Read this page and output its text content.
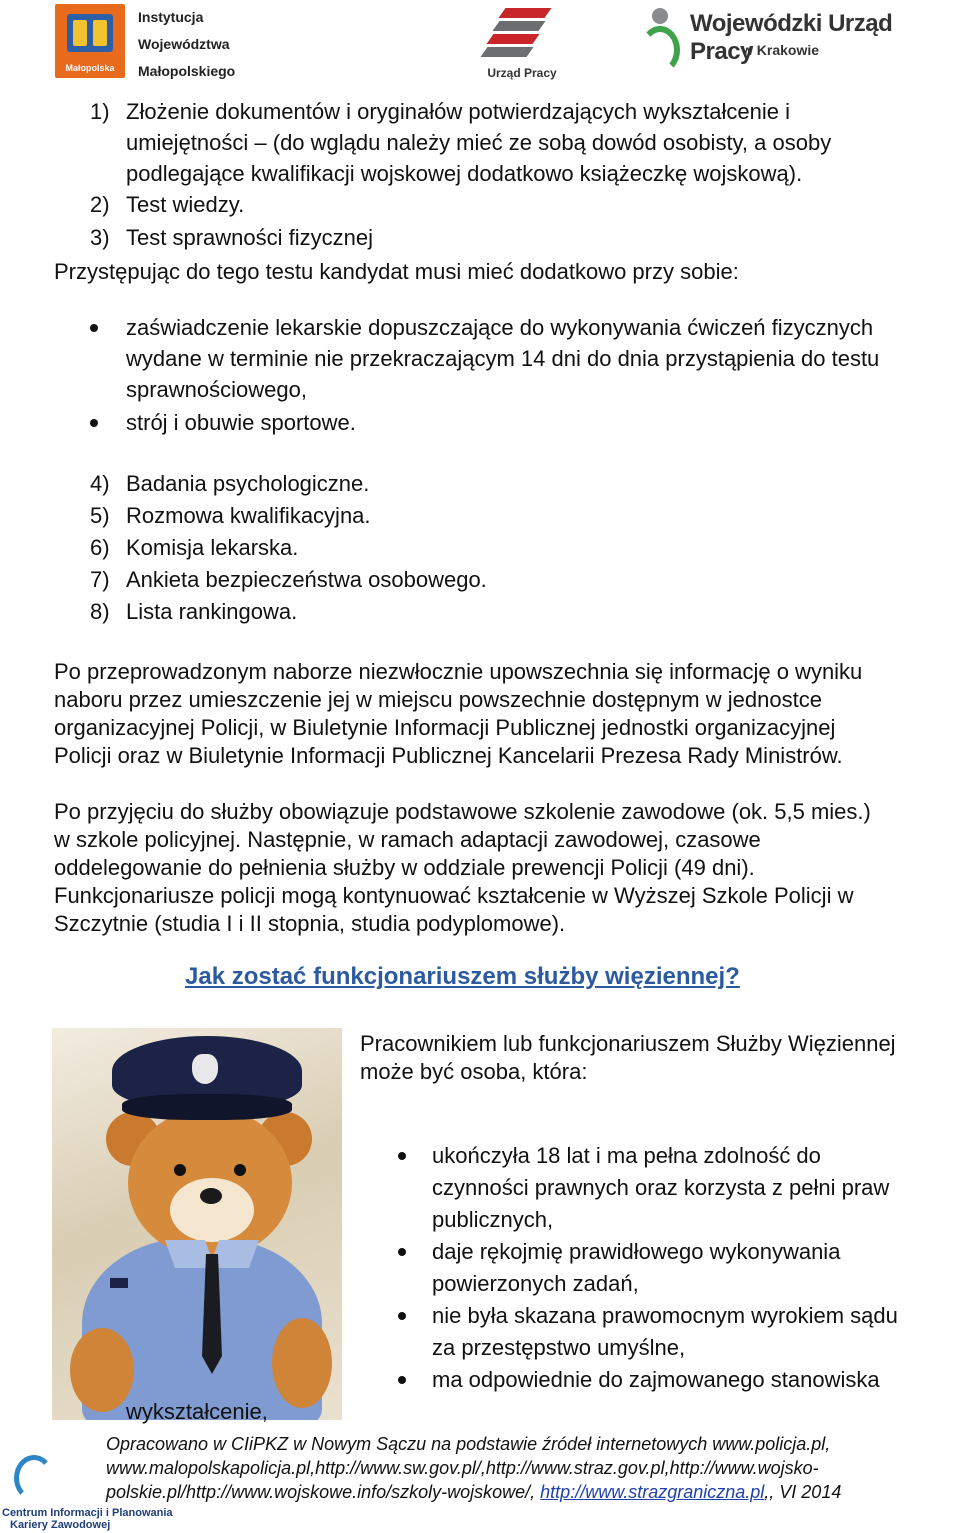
Małopolska
Instytucja
Województwa
Małopolskiego	Urząd Pracy
Wojewódzki Urząd Pracy
w Krakowie
1) Złożenie dokumentów i oryginałów potwierdzających wykształcenie i
umiejętności – (do wglądu należy mieć ze sobą dowód osobisty, a osoby
podlegające kwalifikacji wojskowej dodatkowo książeczkę wojskową).
2) Test wiedzy.
3) Test sprawności fizycznej
Przystępując do tego testu kandydat musi mieć dodatkowo przy sobie:
zaświadczenie lekarskie dopuszczające do wykonywania ćwiczeń fizycznych
wydane w terminie nie przekraczającym 14 dni do dnia przystąpienia do testu
sprawnościowego,
strój i obuwie sportowe.
4) Badania psychologiczne.
5) Rozmowa kwalifikacyjna.
6) Komisja lekarska.
7) Ankieta bezpieczeństwa osobowego.
8) Lista rankingowa.
Po przeprowadzonym naborze niezwłocznie upowszechnia się informację o wyniku
naboru przez umieszczenie jej w miejscu powszechnie dostępnym w jednostce
organizacyjnej Policji, w Biuletynie Informacji Publicznej jednostki organizacyjnej
Policji oraz w Biuletynie Informacji Publicznej Kancelarii Prezesa Rady Ministrów.
Po przyjęciu do służby obowiązuje podstawowe szkolenie zawodowe (ok. 5,5 mies.)
w szkole policyjnej. Następnie, w ramach adaptacji zawodowej, czasowe
oddelegowanie do pełnienia służby w oddziale prewencji Policji (49 dni).
Funkcjonariusze policji mogą kontynuować kształcenie w Wyższej Szkole Policji w
Szczytnie (studia I i II stopnia, studia podyplomowe).
Jak zostać funkcjonariuszem służby więziennej?
Pracownikiem lub funkcjonariuszem Służby Więziennej
może być osoba, która:
ukończyła 18 lat i ma pełna zdolność do
czynności prawnych oraz korzysta z pełni praw
publicznych,
daje rękojmię prawidłowego wykonywania
powierzonych zadań,
nie była skazana prawomocnym wyrokiem sądu
za przestępstwo umyślne,
ma odpowiednie do zajmowanego stanowiska
wykształcenie,
Centrum Informacji i Planowania
Kariery Zawodowej
Opracowano w CIiPKZ w Nowym Sączu na podstawie źródeł internetowych www.policja.pl,
www.malopolskapolicja.pl,http://www.sw.gov.pl/,http://www.straz.gov.pl,http://www.wojsko-
polskie.pl/http://www.wojskowe.info/szkoly-wojskowe/, http://www.strazgraniczna.pl,, VI 2014
